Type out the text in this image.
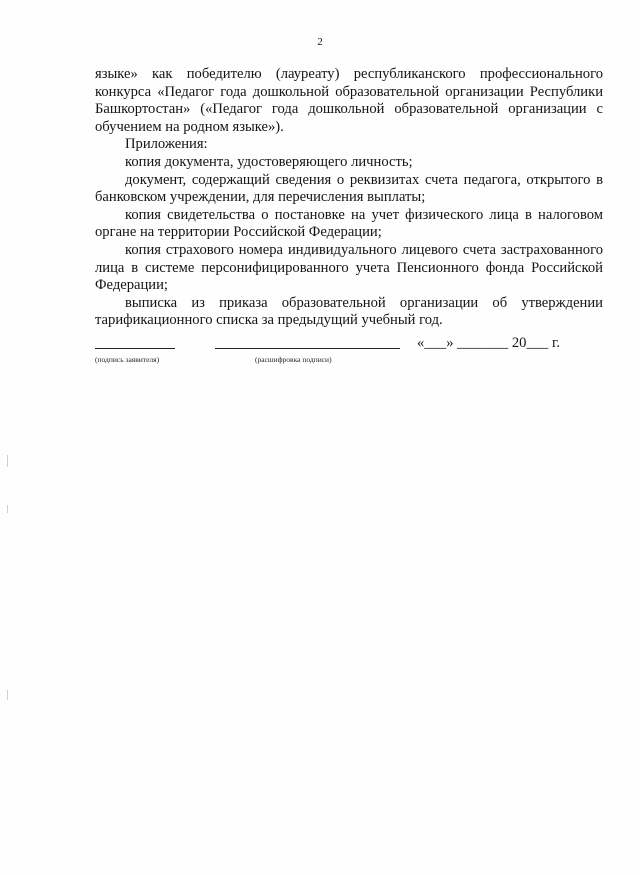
2

языке» как победителю (лауреату) республиканского профессионального конкурса «Педагог года дошкольной образовательной организации Республики Башкортостан» («Педагог года дошкольной образовательной организации с обучением на родном языке»).

Приложения:

копия документа, удостоверяющего личность;

документ, содержащий сведения о реквизитах счета педагога, открытого в банковском учреждении, для перечисления выплаты;

копия свидетельства о постановке на учет физического лица в налоговом органе на территории Российской Федерации;

копия страхового номера индивидуального лицевого счета застрахованного лица в системе персонифицированного учета Пенсионного фонда Российской Федерации;

выписка из приказа образовательной организации об утверждении тарификационного списка за предыдущий учебный год.

«___» _______ 20___ г.
(подпись заявителя)	(расшифровка подписи)
